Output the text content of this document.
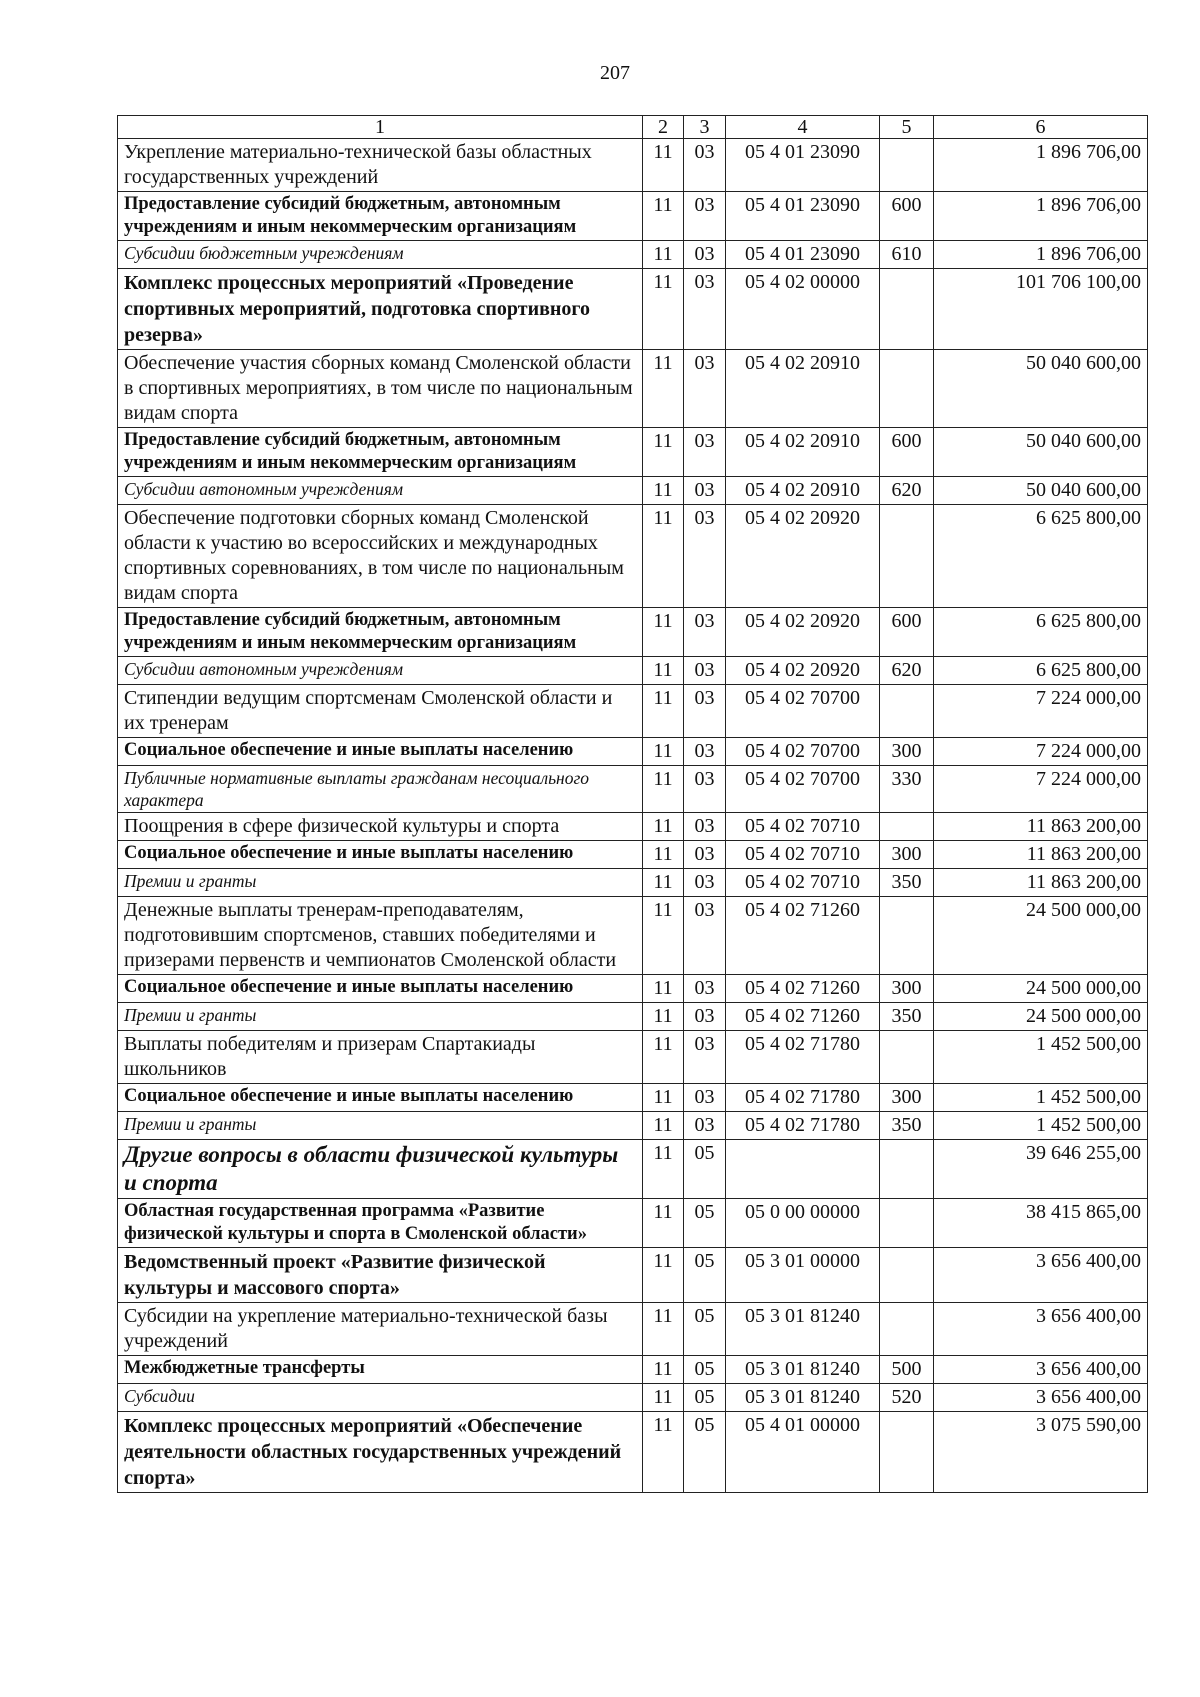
207
1	2	3	4	5	6
Укрепление материально-технической базы областных государственных учреждений	11	03	05 4 01 23090		1 896 706,00
Предоставление субсидий бюджетным, автономным учреждениям и иным некоммерческим организациям	11	03	05 4 01 23090	600	1 896 706,00
Субсидии бюджетным учреждениям	11	03	05 4 01 23090	610	1 896 706,00
Комплекс процессных мероприятий «Проведение спортивных мероприятий, подготовка спортивного резерва»	11	03	05 4 02 00000		101 706 100,00
Обеспечение участия сборных команд Смоленской области в спортивных мероприятиях, в том числе по национальным видам спорта	11	03	05 4 02 20910		50 040 600,00
Предоставление субсидий бюджетным, автономным учреждениям и иным некоммерческим организациям	11	03	05 4 02 20910	600	50 040 600,00
Субсидии автономным учреждениям	11	03	05 4 02 20910	620	50 040 600,00
Обеспечение подготовки сборных команд Смоленской области к участию во всероссийских и международных спортивных соревнованиях, в том числе по национальным видам спорта	11	03	05 4 02 20920		6 625 800,00
Предоставление субсидий бюджетным, автономным учреждениям и иным некоммерческим организациям	11	03	05 4 02 20920	600	6 625 800,00
Субсидии автономным учреждениям	11	03	05 4 02 20920	620	6 625 800,00
Стипендии ведущим спортсменам Смоленской области и их тренерам	11	03	05 4 02 70700		7 224 000,00
Социальное обеспечение и иные выплаты населению	11	03	05 4 02 70700	300	7 224 000,00
Публичные нормативные выплаты гражданам несоциального характера	11	03	05 4 02 70700	330	7 224 000,00
Поощрения в сфере физической культуры и спорта	11	03	05 4 02 70710		11 863 200,00
Социальное обеспечение и иные выплаты населению	11	03	05 4 02 70710	300	11 863 200,00
Премии и гранты	11	03	05 4 02 70710	350	11 863 200,00
Денежные выплаты тренерам-преподавателям, подготовившим спортсменов, ставших победителями и призерами первенств и чемпионатов Смоленской области	11	03	05 4 02 71260		24 500 000,00
Социальное обеспечение и иные выплаты населению	11	03	05 4 02 71260	300	24 500 000,00
Премии и гранты	11	03	05 4 02 71260	350	24 500 000,00
Выплаты победителям и призерам Спартакиады школьников	11	03	05 4 02 71780		1 452 500,00
Социальное обеспечение и иные выплаты населению	11	03	05 4 02 71780	300	1 452 500,00
Премии и гранты	11	03	05 4 02 71780	350	1 452 500,00
Другие вопросы в области физической культуры и спорта	11	05			39 646 255,00
Областная государственная программа «Развитие физической культуры и спорта в Смоленской области»	11	05	05 0 00 00000		38 415 865,00
Ведомственный проект «Развитие физической культуры и массового спорта»	11	05	05 3 01 00000		3 656 400,00
Субсидии на укрепление материально-технической базы учреждений	11	05	05 3 01 81240		3 656 400,00
Межбюджетные трансферты	11	05	05 3 01 81240	500	3 656 400,00
Субсидии	11	05	05 3 01 81240	520	3 656 400,00
Комплекс процессных мероприятий «Обеспечение деятельности областных государственных учреждений спорта»	11	05	05 4 01 00000		3 075 590,00
